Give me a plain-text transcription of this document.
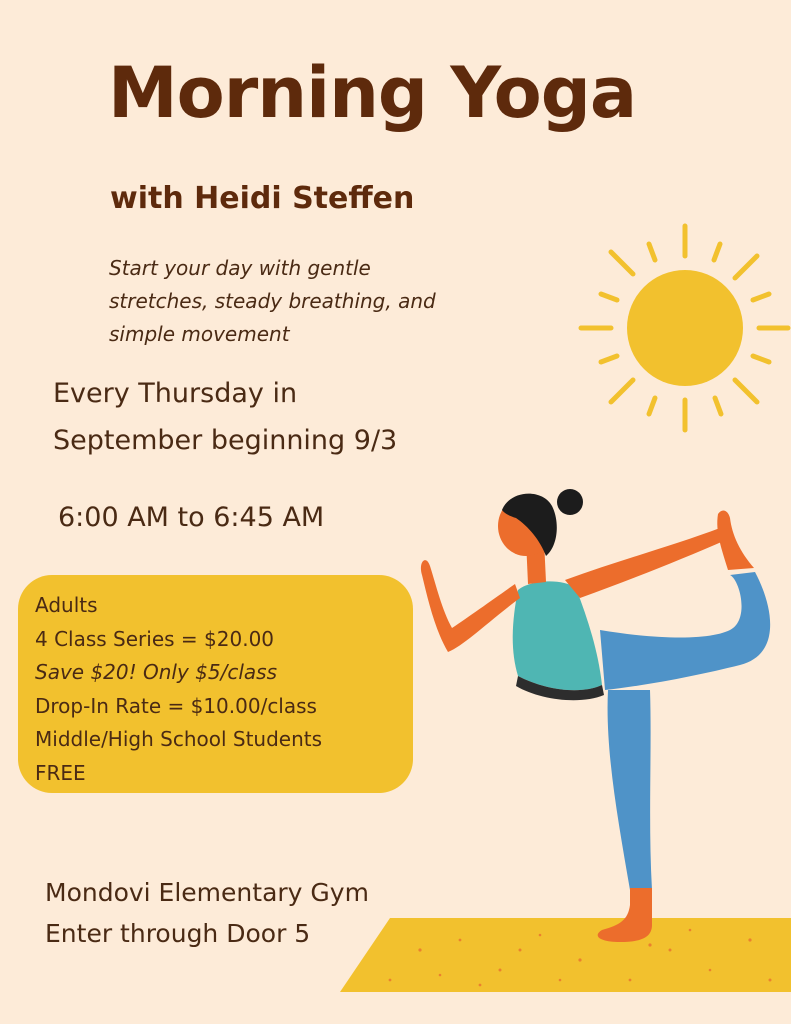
Morning Yoga
with Heidi Steffen
Start your day with gentle
stretches, steady breathing, and
simple movement
Every Thursday in
September beginning 9/3
6:00 AM to 6:45 AM
Adults
4 Class Series = $20.00
Save $20! Only $5/class
Drop-In Rate = $10.00/class
Middle/High School Students
FREE
Mondovi Elementary Gym
Enter through Door 5
